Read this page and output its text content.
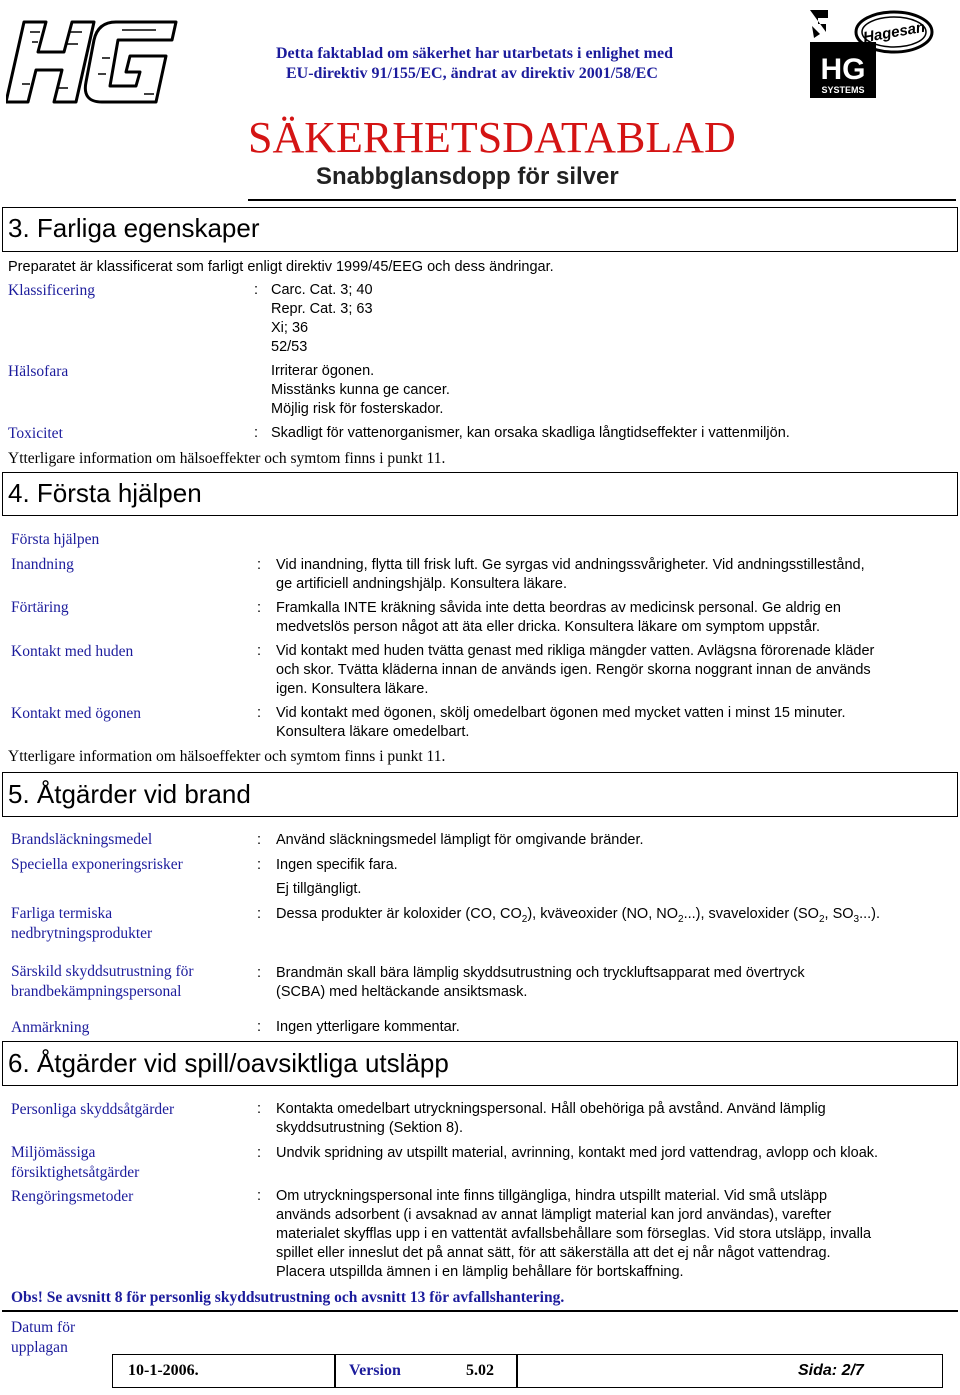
Detta faktablad om säkerhet har utarbetats i enlighet med
EU-direktiv 91/155/EC, ändrat av direktiv 2001/58/EC
SÄKERHETSDATABLAD
Snabbglansdopp för silver
HG
SYSTEMS
Hagesan
3. Farliga egenskaper
Preparatet är klassificerat som farligt enligt direktiv 1999/45/EEG och dess ändringar.
Klassificering	: Carc. Cat. 3; 40
Repr. Cat. 3; 63
Xi; 36
52/53
Hälsofara	Irriterar ögonen.
Misstänks kunna ge cancer.
Möjlig risk för fosterskador.
Toxicitet	: Skadligt för vattenorganismer, kan orsaka skadliga långtidseffekter i vattenmiljön.
Ytterligare information om hälsoeffekter och symtom finns i punkt 11.
4. Första hjälpen
Första hjälpen
Inandning	: Vid inandning, flytta till frisk luft. Ge syrgas vid andningssvårigheter. Vid andningsstillestånd,
ge artificiell andningshjälp. Konsultera läkare.
Förtäring	: Framkalla INTE kräkning såvida inte detta beordras av medicinsk personal. Ge aldrig en
medvetslös person något att äta eller dricka. Konsultera läkare om symptom uppstår.
Kontakt med huden	: Vid kontakt med huden tvätta genast med rikliga mängder vatten. Avlägsna förorenade kläder
och skor. Tvätta kläderna innan de används igen. Rengör skorna noggrant innan de används
igen. Konsultera läkare.
Kontakt med ögonen	: Vid kontakt med ögonen, skölj omedelbart ögonen med mycket vatten i minst 15 minuter.
Konsultera läkare omedelbart.
Ytterligare information om hälsoeffekter och symtom finns i punkt 11.
5. Åtgärder vid brand
Brandsläckningsmedel	: Använd släckningsmedel lämpligt för omgivande bränder.
Speciella exponeringsrisker	: Ingen specifik fara.
Ej tillgängligt.
Farliga termiska
nedbrytningsprodukter
: Dessa produkter är koloxider (CO, $CO_2$), kväveoxider (NO, $NO_2$...), svaveloxider ($SO_2$, $SO_3$...).
Särskild skyddsutrustning för
brandbekämpningspersonal
: Brandmän skall bära lämplig skyddsutrustning och tryckluftsapparat med övertryck
(SCBA) med heltäckande ansiktsmask.
Anmärkning	: Ingen ytterligare kommentar.
6. Åtgärder vid spill/oavsiktliga utsläpp
Personliga skyddsåtgärder	: Kontakta omedelbart utryckningspersonal. Håll obehöriga på avstånd. Använd lämplig
skyddsutrustning (Sektion 8).
Miljömässiga
försiktighetsåtgärder
: Undvik spridning av utspillt material, avrinning, kontakt med jord vattendrag, avlopp och kloak.
Rengöringsmetoder	: Om utryckningspersonal inte finns tillgängliga, hindra utspillt material. Vid små utsläpp
används adsorbent (i avsaknad av annat lämpligt material kan jord användas), varefter
materialet skyfflas upp i en vattentät avfallsbehållare som förseglas. Vid stora utsläpp, invalla
spillet eller inneslut det på annat sätt, för att säkerställa att det ej når något vattendrag.
Placera utspillda ämnen i en lämplig behållare för bortskaffning.
Obs! Se avsnitt 8 för personlig skyddsutrustning och avsnitt 13 för avfallshantering.
Datum för
upplagan
10-1-2006.	Version	5.02	Sida: 2/7
